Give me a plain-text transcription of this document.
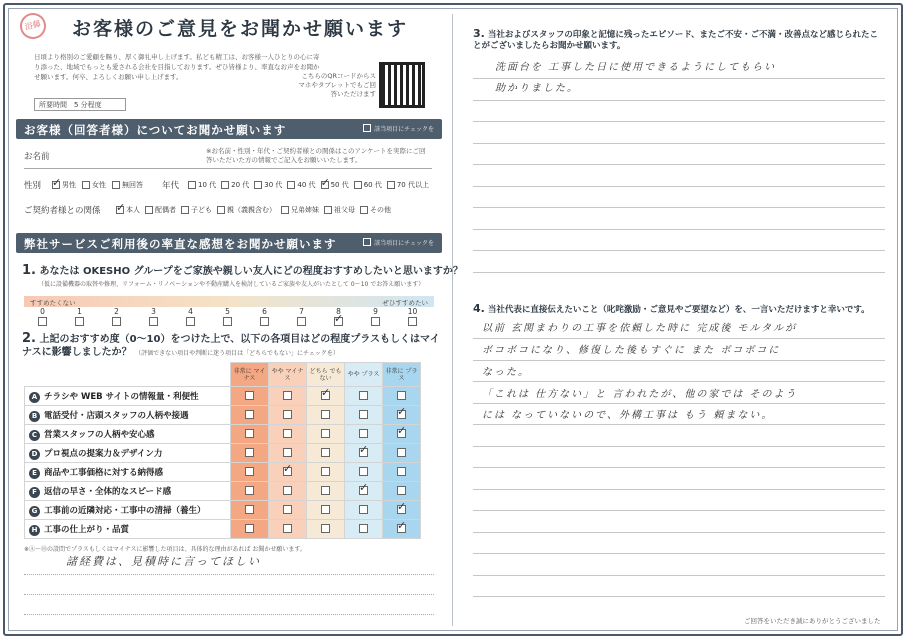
浴藤	お客様のご意見をお聞かせ願います
日頃より格別のご愛顧を賜り、厚く御礼申し上げます。私ども精工は、お客様一人ひとりの心に寄り添った、地域でもっとも愛される会社を目指しております。ぜひ皆様より、率直なお声をお聞かせ願います。何卒、よろしくお願い申し上げます。
所要時間　5 分程度
こちらのQRコードからスマホやタブレットでもご回答いただけます
お客様（回答者様）についてお聞かせ願います	該当項目にチェックを
お名前
※お名前・性別・年代・ご契約者様との関係はこのアンケートを実際にご回答いただいた方の情報でご記入をお願いいたします。
性別 ✓	男性 女性 無回答 年代	10 代 20 代 30 代 40 代 ✓ 50 代 60 代 70 代以上
ご契約者様との関係 ✓	本人 配偶者 子ども 親（義親含む） 兄弟姉妹 祖父母 その他
弊社サービスご利用後の率直な感想をお聞かせ願います	該当項目にチェックを
1. あなたは OKESHO グループをご家族や親しい友人にどの程度おすすめしたいと思いますか？
（仮に設備機器の取替や修理、リフォーム・リノベーションや不動産購入を検討しているご家族や友人がいたとして 0〜10 でお答え願います）
すすめたくない	ぜひすすめたい
0	1	2	3	4	5	6	7 ✓	9	10
2. 上記のおすすめ度（0〜10）をつけた上で、以下の各項目はどの程度プラスもしくはマイナスに影響しましたか？ （評価できない項目や判断に迷う項目は「どちらでもない」にチェックを）
	非常に マイナス	やや マイナス	どちら でもない	やや プラス	非常に プラス
A チラシや WEB サイトの情報量・利便性			✓		
B 電話受付・店頭スタッフの人柄や接遇					✓
C 営業スタッフの人柄や安心感					✓
D プロ視点の提案力＆デザイン力				✓	
E 商品や工事価格に対する納得感		✓			
F 返信の早さ・全体的なスピード感				✓	
G 工事前の近隣対応・工事中の清掃（養生）					✓
H 工事の仕上がり・品質					✓
※Ⓐ〜Ⓗの設問でプラスもしくはマイナスに影響した項目は、具体的な理由があれば お聞かせ願います。
諸経費は、見積時に言ってほしい
3. 当社およびスタッフの印象と記憶に残ったエピソード、またご不安・ご不満・改善点など感じられたことがございましたらお聞かせ願います。
洗面台を 工事した日に使用できるようにしてもらい
助かりました。
4. 当社代表に直接伝えたいこと（叱咤激励・ご意見やご要望など）を、一言いただけますと幸いです。
以前 玄関まわりの工事を依頼した時に 完成後 モルタルが
ボコボコになり、修復した後もすぐに また ボコボコに
なった。
「これは 仕方ない」と 言われたが、他の家では そのよう
には なっていないので、外構工事は もう 頼まない。
ご回答をいただき誠にありがとうございました
